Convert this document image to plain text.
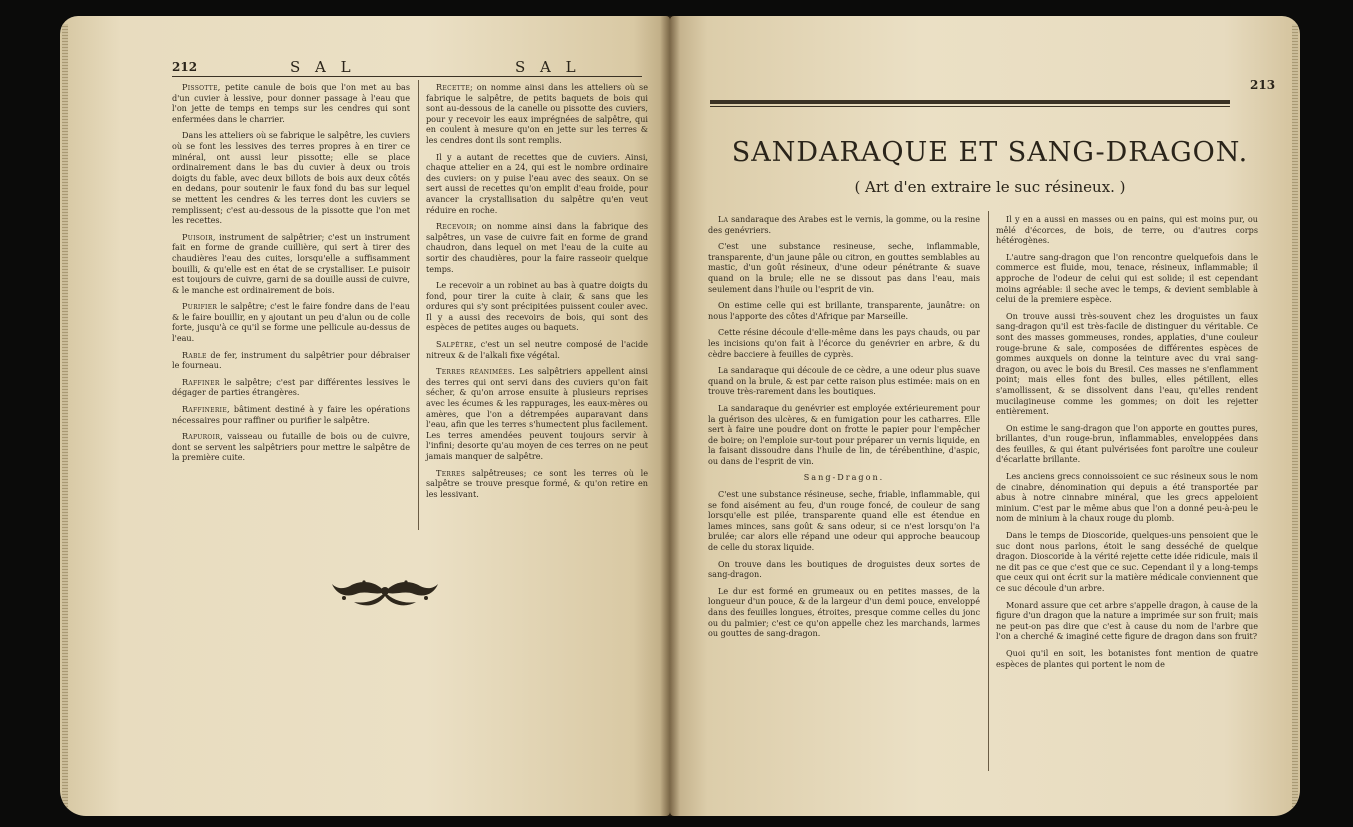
212	S A L	S A L

Pissotte, petite canule de bois que l'on met au bas d'un cuvier à lessive, pour donner passage à l'eau que l'on jette de temps en temps sur les cendres qui sont enfermées dans le charrier.

Dans les atteliers où se fabrique le salpêtre, les cuviers où se font les lessives des terres propres à en tirer ce minéral, ont aussi leur pissotte; elle se place ordinairement dans le bas du cuvier à deux ou trois doigts du fable, avec deux billots de bois aux deux côtés en dedans, pour soutenir le faux fond du bas sur lequel se mettent les cendres & les terres dont les cuviers se remplissent; c'est au-dessous de la pissotte que l'on met les recettes.

Puisoir, instrument de salpêtrier; c'est un instrument fait en forme de grande cuillière, qui sert à tirer des chaudières l'eau des cuites, lorsqu'elle a suffisamment bouilli, & qu'elle est en état de se crystalliser. Le puisoir est toujours de cuivre, garni de sa douille aussi de cuivre, & le manche est ordinairement de bois.

Purifier le salpêtre; c'est le faire fondre dans de l'eau & le faire bouillir, en y ajoutant un peu d'alun ou de colle forte, jusqu'à ce qu'il se forme une pellicule au-dessus de l'eau.

Rable de fer, instrument du salpêtrier pour débraiser le fourneau.

Raffiner le salpêtre; c'est par différentes lessives le dégager de parties étrangères.

Raffinerie, bâtiment destiné à y faire les opérations nécessaires pour raffiner ou purifier le salpêtre.

Rapuroir, vaisseau ou futaille de bois ou de cuivre, dont se servent les salpêtriers pour mettre le salpêtre de la première cuite.

Recette; on nomme ainsi dans les atteliers où se fabrique le salpêtre, de petits baquets de bois qui sont au-dessous de la canelle ou pissotte des cuviers, pour y recevoir les eaux imprégnées de salpêtre, qui en coulent à mesure qu'on en jette sur les terres & les cendres dont ils sont remplis.

Il y a autant de recettes que de cuviers. Ainsi, chaque attelier en a 24, qui est le nombre ordinaire des cuviers: on y puise l'eau avec des seaux. On se sert aussi de recettes qu'on emplit d'eau froide, pour avancer la crystallisation du salpêtre qu'en veut réduire en roche.

Recevoir; on nomme ainsi dans la fabrique des salpêtres, un vase de cuivre fait en forme de grand chaudron, dans lequel on met l'eau de la cuite au sortir des chaudières, pour la faire rasseoir quelque temps.

Le recevoir a un robinet au bas à quatre doigts du fond, pour tirer la cuite à clair, & sans que les ordures qui s'y sont précipitées puissent couler avec. Il y a aussi des recevoirs de bois, qui sont des espèces de petites auges ou baquets.

Salpêtre, c'est un sel neutre composé de l'acide nitreux & de l'alkali fixe végétal.

Terres réanimées. Les salpêtriers appellent ainsi des terres qui ont servi dans des cuviers qu'on fait sécher, & qu'on arrose ensuite à plusieurs reprises avec les écumes & les rappurages, les eaux-mères ou amères, que l'on a détrempées auparavant dans l'eau, afin que les terres s'humectent plus facilement. Les terres amendées peuvent toujours servir à l'infini; desorte qu'au moyen de ces terres on ne peut jamais manquer de salpêtre.

Terres salpêtreuses; ce sont les terres où le salpêtre se trouve presque formé, & qu'on retire en les lessivant.

213
SANDARAQUE ET SANG-DRAGON.
( Art d'en extraire le suc résineux. )

La sandaraque des Arabes est le vernis, la gomme, ou la resine des genévriers.

C'est une substance resineuse, seche, inflammable, transparente, d'un jaune pâle ou citron, en gouttes semblables au mastic, d'un goût résineux, d'une odeur pénétrante & suave quand on la brule; elle ne se dissout pas dans l'eau, mais seulement dans l'huile ou l'esprit de vin.

On estime celle qui est brillante, transparente, jaunâtre: on nous l'apporte des côtes d'Afrique par Marseille.

Cette résine découle d'elle-même dans les pays chauds, ou par les incisions qu'on fait à l'écorce du genévrier en arbre, & du cèdre bacciere à feuilles de cyprès.

La sandaraque qui découle de ce cèdre, a une odeur plus suave quand on la brule, & est par cette raison plus estimée: mais on en trouve très-rarement dans les boutiques.

La sandaraque du genévrier est employée extérieurement pour la guérison des ulcères, & en fumigation pour les catharres. Elle sert à faire une poudre dont on frotte le papier pour l'empêcher de boire; on l'emploie sur-tout pour préparer un vernis liquide, en la faisant dissoudre dans l'huile de lin, de térébenthine, d'aspic, ou dans de l'esprit de vin.

Sang-Dragon.

C'est une substance résineuse, seche, friable, inflammable, qui se fond aisément au feu, d'un rouge foncé, de couleur de sang lorsqu'elle est pilée, transparente quand elle est étendue en lames minces, sans goût & sans odeur, si ce n'est lorsqu'on l'a brulée; car alors elle répand une odeur qui approche beaucoup de celle du storax liquide.

On trouve dans les boutiques de droguistes deux sortes de sang-dragon.

Le dur est formé en grumeaux ou en petites masses, de la longueur d'un pouce, & de la largeur d'un demi pouce, enveloppé dans des feuilles longues, étroites, presque comme celles du jonc ou du palmier; c'est ce qu'on appelle chez les marchands, larmes ou gouttes de sang-dragon.

Il y en a aussi en masses ou en pains, qui est moins pur, ou mêlé d'écorces, de bois, de terre, ou d'autres corps hétérogènes.

L'autre sang-dragon que l'on rencontre quelquefois dans le commerce est fluide, mou, tenace, résineux, inflammable; il approche de l'odeur de celui qui est solide; il est cependant moins agréable: il seche avec le temps, & devient semblable à celui de la premiere espèce.

On trouve aussi très-souvent chez les droguistes un faux sang-dragon qu'il est très-facile de distinguer du véritable. Ce sont des masses gommeuses, rondes, applaties, d'une couleur rouge-brune & sale, composées de différentes espèces de gommes auxquels on donne la teinture avec du vrai sang-dragon, ou avec le bois du Bresil. Ces masses ne s'enflamment point; mais elles font des bulles, elles pétillent, elles s'amollissent, & se dissolvent dans l'eau, qu'elles rendent mucilagineuse comme les gommes; on doit les rejetter entièrement.

On estime le sang-dragon que l'on apporte en gouttes pures, brillantes, d'un rouge-brun, inflammables, enveloppées dans des feuilles, & qui étant pulvérisées font paroître une couleur d'écarlatte brillante.

Les anciens grecs connoissoient ce suc résineux sous le nom de cinabre, dénomination qui depuis a été transportée par abus à notre cinnabre minéral, que les grecs appeloient minium. C'est par le même abus que l'on a donné peu-à-peu le nom de minium à la chaux rouge du plomb.

Dans le temps de Dioscoride, quelques-uns pensoient que le suc dont nous parlons, étoit le sang desséché de quelque dragon. Dioscoride à la vérité rejette cette idée ridicule, mais il ne dit pas ce que c'est que ce suc. Cependant il y a long-temps que ceux qui ont écrit sur la matière médicale conviennent que ce suc découle d'un arbre.

Monard assure que cet arbre s'appelle dragon, à cause de la figure d'un dragon que la nature a imprimée sur son fruit; mais ne peut-on pas dire que c'est à cause du nom de l'arbre que l'on a cherché & imaginé cette figure de dragon dans son fruit?

Quoi qu'il en soit, les botanistes font mention de quatre espèces de plantes qui portent le nom de
